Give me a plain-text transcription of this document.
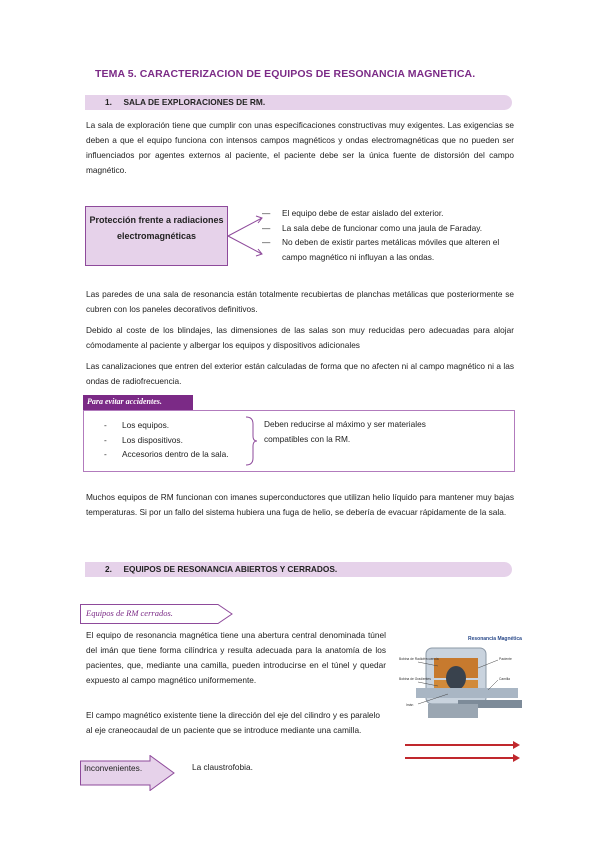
TEMA 5. CARACTERIZACION DE EQUIPOS DE RESONANCIA MAGNETICA.
1. SALA DE EXPLORACIONES DE RM.
La sala de exploración tiene que cumplir con unas especificaciones constructivas muy exigentes. Las exigencias se deben a que el equipo funciona con intensos campos magnéticos y ondas electromagnéticas que no pueden ser influenciados por agentes externos al paciente, el paciente debe ser la única fuente de distorsión del campo magnético.
Protección frente a radiaciones electromagnéticas
— El equipo debe de estar aislado del exterior.
— La sala debe de funcionar como una jaula de Faraday.
— No deben de existir partes metálicas móviles que alteren el campo magnético ni influyan a las ondas.
Las paredes de una sala de resonancia están totalmente recubiertas de planchas metálicas que posteriormente se cubren con los paneles decorativos definitivos.
Debido al coste de los blindajes, las dimensiones de las salas son muy reducidas pero adecuadas para alojar cómodamente al paciente y albergar los equipos y dispositivos adicionales
Las canalizaciones que entren del exterior están calculadas de forma que no afecten ni al campo magnético ni a las ondas de radiofrecuencia.
Para evitar accidentes.
- Los equipos.
- Los dispositivos.
- Accesorios dentro de la sala.
Deben reducirse al máximo y ser materiales compatibles con la RM.
Muchos equipos de RM funcionan con imanes superconductores que utilizan helio líquido para mantener muy bajas temperaturas. Si por un fallo del sistema hubiera una fuga de helio, se debería de evacuar rápidamente de la sala.
2. EQUIPOS DE RESONANCIA ABIERTOS Y CERRADOS.
Equipos de RM cerrados.
El equipo de resonancia magnética tiene una abertura central denominada túnel del imán que tiene forma cilíndrica y resulta adecuada para la anatomía de los pacientes, que, mediante una camilla, pueden introducirse en el túnel y quedar expuesto al campo magnético uniformemente.
El campo magnético existente tiene la dirección del eje del cilindro y es paralelo al eje craneocaudal de un paciente que se introduce mediante una camilla.
Resonancia Magnética
Bobina de Radiofrecuencia
Bobina de Gradientes
Imán
Paciente
Camilla
Inconvenientes.	La claustrofobia.
